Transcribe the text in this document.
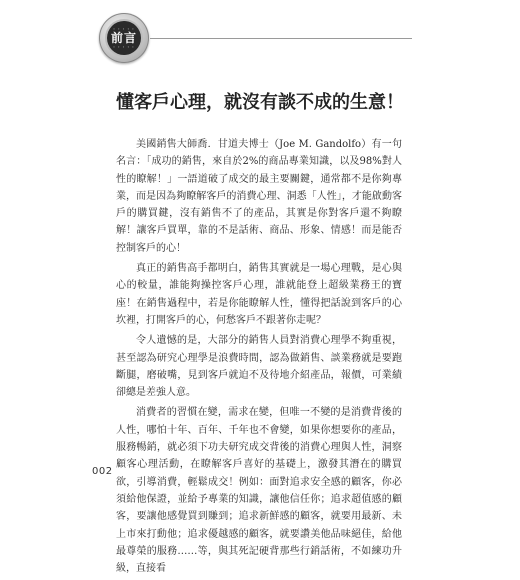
• • • • •
前言
• • • • •
懂客戶心理，就沒有談不成的生意！

美國銷售大師喬．甘道夫博士（Joe M. Gandolfo）有一句名言：「成功的銷售，來自於2%的商品專業知識，以及98%對人性的瞭解！」一語道破了成交的最主要關鍵，通常都不是你夠專業，而是因為夠瞭解客戶的消費心理、洞悉「人性」，才能啟動客戶的購買鍵，沒有銷售不了的產品，其實是你對客戶還不夠瞭解！讓客戶買單，靠的不是話術、商品、形象、情感！而是能否控制客戶的心！

真正的銷售高手都明白，銷售其實就是一場心理戰，是心與心的較量，誰能夠操控客戶心理，誰就能登上超級業務王的寶座！在銷售過程中，若是你能瞭解人性，懂得把話說到客戶的心坎裡，打開客戶的心，何愁客戶不跟著你走呢？

令人遺憾的是，大部分的銷售人員對消費心理學不夠重視，甚至認為研究心理學是浪費時間，認為做銷售、談業務就是要跑斷腿，磨破嘴，見到客戶就迫不及待地介紹產品，報價，可業績卻總是差強人意。

消費者的習慣在變，需求在變，但唯一不變的是消費背後的人性，哪怕十年、百年、千年也不會變，如果你想要你的產品，服務暢銷，就必須下功夫研究成交背後的消費心理與人性，洞察顧客心理活動，在瞭解客戶喜好的基礎上，激發其潛在的購買欲，引導消費，輕鬆成交！例如：面對追求安全感的顧客，你必須給他保證，並給予專業的知識，讓他信任你；追求超值感的顧客，要讓他感覺買到賺到；追求新鮮感的顧客，就要用最新、未上市來打動他；追求優越感的顧客，就要讚美他品味絕佳，給他最尊榮的服務……等，與其死記硬背那些行銷話術，不如練功升級，直接看

002
